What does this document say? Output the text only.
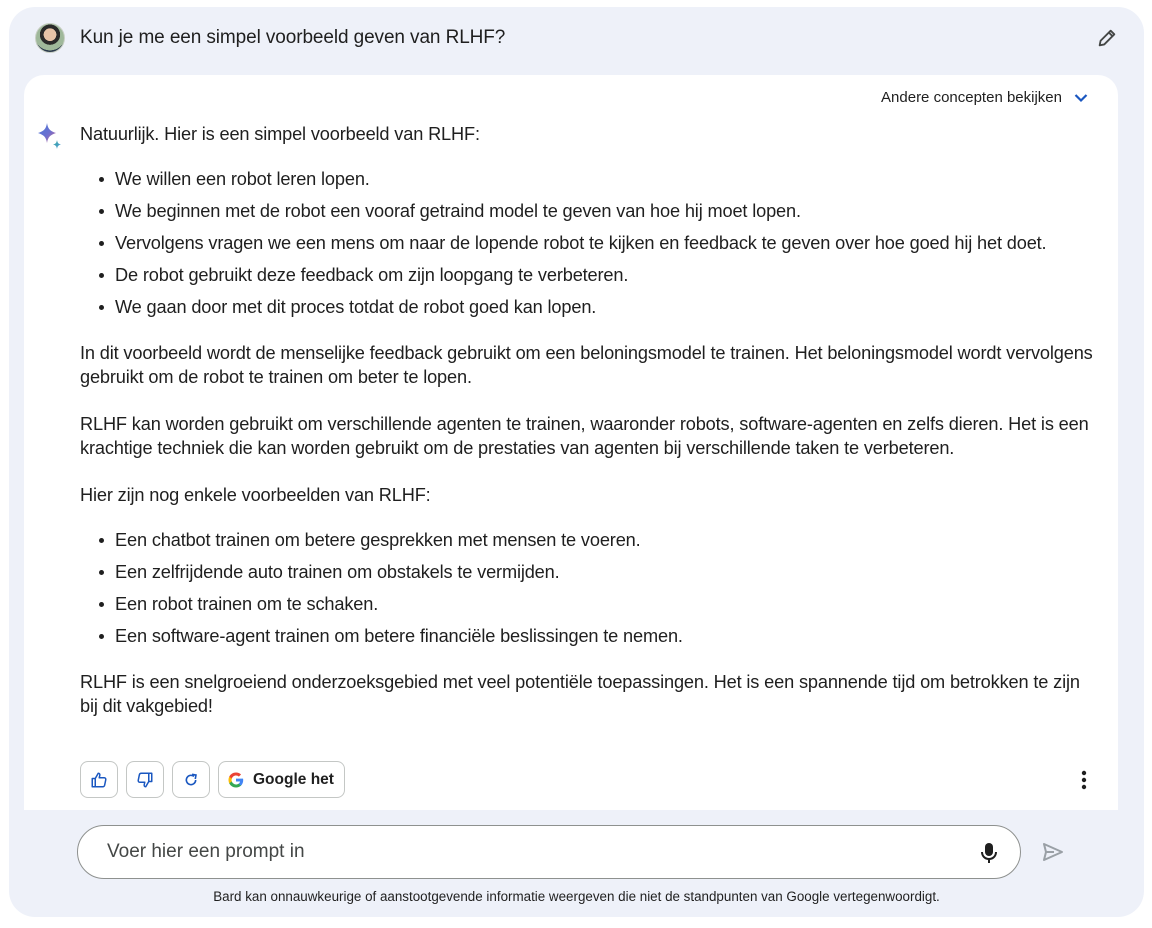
Kun je me een simpel voorbeeld geven van RLHF?
Andere concepten bekijken

Natuurlijk. Hier is een simpel voorbeeld van RLHF:

We willen een robot leren lopen.
We beginnen met de robot een vooraf getraind model te geven van hoe hij moet lopen.
Vervolgens vragen we een mens om naar de lopende robot te kijken en feedback te geven over hoe goed hij het doet.
De robot gebruikt deze feedback om zijn loopgang te verbeteren.
We gaan door met dit proces totdat de robot goed kan lopen.

In dit voorbeeld wordt de menselijke feedback gebruikt om een beloningsmodel te trainen. Het beloningsmodel wordt vervolgens gebruikt om de robot te trainen om beter te lopen.

RLHF kan worden gebruikt om verschillende agenten te trainen, waaronder robots, software-agenten en zelfs dieren. Het is een krachtige techniek die kan worden gebruikt om de prestaties van agenten bij verschillende taken te verbeteren.

Hier zijn nog enkele voorbeelden van RLHF:

Een chatbot trainen om betere gesprekken met mensen te voeren.
Een zelfrijdende auto trainen om obstakels te vermijden.
Een robot trainen om te schaken.
Een software-agent trainen om betere financiële beslissingen te nemen.

RLHF is een snelgroeiend onderzoeksgebied met veel potentiële toepassingen. Het is een spannende tijd om betrokken te zijn bij dit vakgebied!

Google het
Voer hier een prompt in
Bard kan onnauwkeurige of aanstootgevende informatie weergeven die niet de standpunten van Google vertegenwoordigt.
